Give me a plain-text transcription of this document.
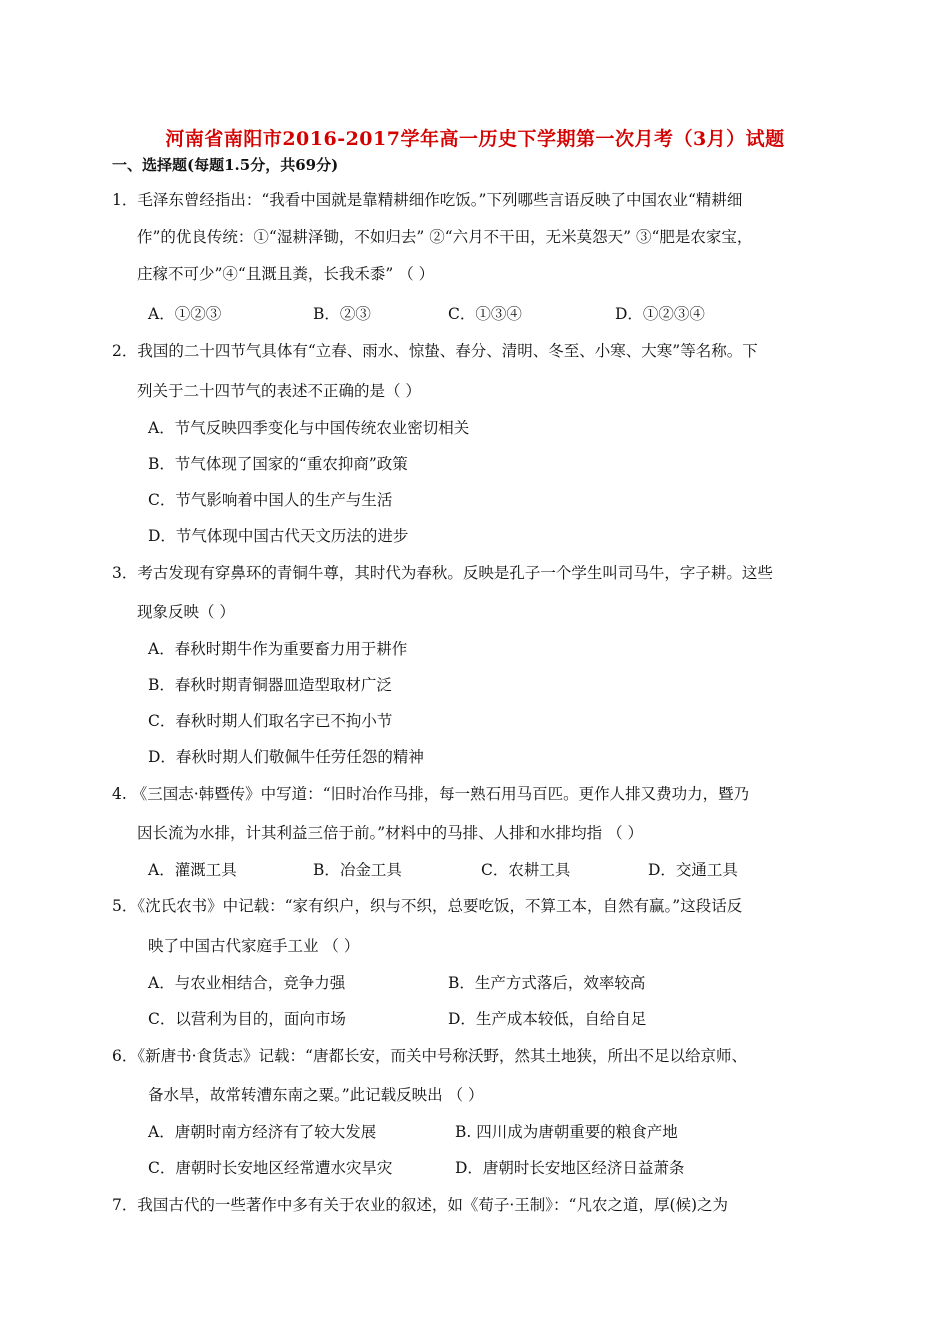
河南省南阳市2016-2017学年高一历史下学期第一次月考（3月）试题
一、选择题(每题1.5分，共69分)
1．毛泽东曾经指出：“我看中国就是靠精耕细作吃饭。”下列哪些言语反映了中国农业“精耕细
作”的优良传统：①“湿耕泽锄，不如归去” ②“六月不干田，无米莫怨天” ③“肥是农家宝，
庄稼不可少”④“且溉且粪，长我禾黍” （ ）
A．①②③	B．②③	C．①③④	D．①②③④
2．我国的二十四节气具体有“立春、雨水、惊蛰、春分、清明、冬至、小寒、大寒”等名称。下
列关于二十四节气的表述不正确的是（ ）
A．节气反映四季变化与中国传统农业密切相关
B．节气体现了国家的“重农抑商”政策
C．节气影响着中国人的生产与生活
D．节气体现中国古代天文历法的进步
3．考古发现有穿鼻环的青铜牛尊，其时代为春秋。反映是孔子一个学生叫司马牛，字子耕。这些
现象反映（ ）
A．春秋时期牛作为重要畜力用于耕作
B．春秋时期青铜器皿造型取材广泛
C．春秋时期人们取名字已不拘小节
D．春秋时期人们敬佩牛任劳任怨的精神
4. 《三国志·韩暨传》中写道：“旧时冶作马排，每一熟石用马百匹。更作人排又费功力，暨乃
因长流为水排，计其利益三倍于前。”材料中的马排、人排和水排均指 （ ）
A．灌溉工具	B．冶金工具	C．农耕工具	D．交通工具
5．《沈氏农书》中记载：“家有织户，织与不织，总要吃饭，不算工本，自然有赢。”这段话反
映了中国古代家庭手工业 （ ）
A．与农业相结合，竞争力强	B．生产方式落后，效率较高
C．以营利为目的，面向市场	D．生产成本较低，自给自足
6．《新唐书·食货志》记载：“唐都长安，而关中号称沃野，然其土地狭，所出不足以给京师、
备水旱，故常转漕东南之粟。”此记载反映出 （ ）
A．唐朝时南方经济有了较大发展	B. 四川成为唐朝重要的粮食产地
C．唐朝时长安地区经常遭水灾旱灾	D．唐朝时长安地区经济日益萧条
7．我国古代的一些著作中多有关于农业的叙述，如《荀子·王制》：“凡农之道，厚(候)之为
